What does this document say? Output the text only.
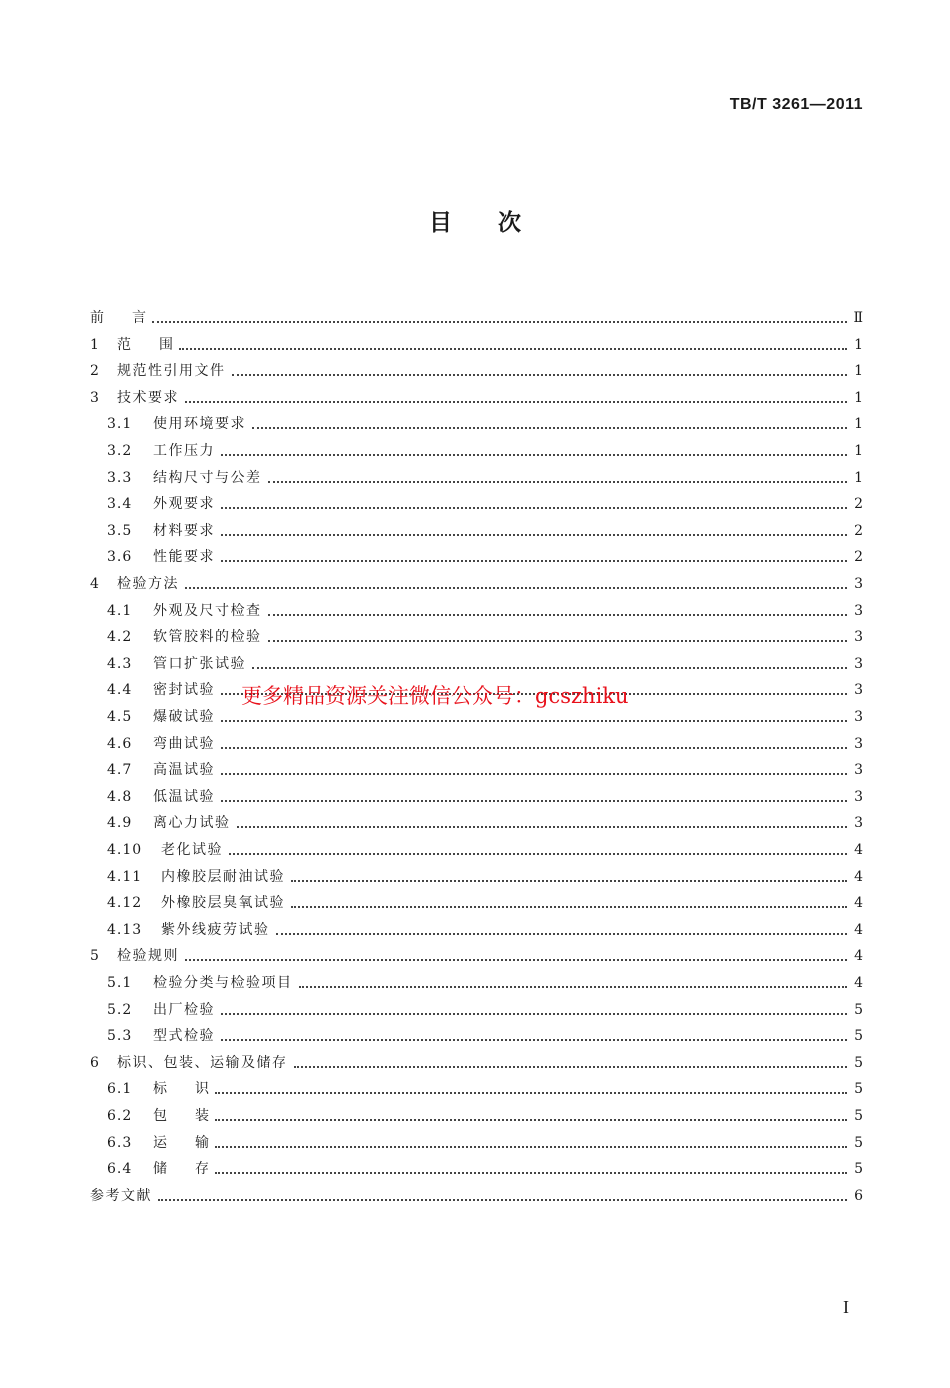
TB/T 3261—2011
目　　次
前　　言	Ⅱ
1	范　　围	1
2	规范性引用文件	1
3	技术要求	1
3.1	使用环境要求	1
3.2	工作压力	1
3.3	结构尺寸与公差	1
3.4	外观要求	2
3.5	材料要求	2
3.6	性能要求	2
4	检验方法	3
4.1	外观及尺寸检查	3
4.2	软管胶料的检验	3
4.3	管口扩张试验	3
4.4	密封试验	3
4.5	爆破试验	3
4.6	弯曲试验	3
4.7	高温试验	3
4.8	低温试验	3
4.9	离心力试验	3
4.10	老化试验	4
4.11	内橡胶层耐油试验	4
4.12	外橡胶层臭氧试验	4
4.13	紫外线疲劳试验	4
5	检验规则	4
5.1	检验分类与检验项目	4
5.2	出厂检验	5
5.3	型式检验	5
6	标识、包装、运输及储存	5
6.1	标　　识	5
6.2	包　　装	5
6.3	运　　输	5
6.4	储　　存	5
参考文献	6
更多精品资源关注微信公众号：gcszhiku
I
